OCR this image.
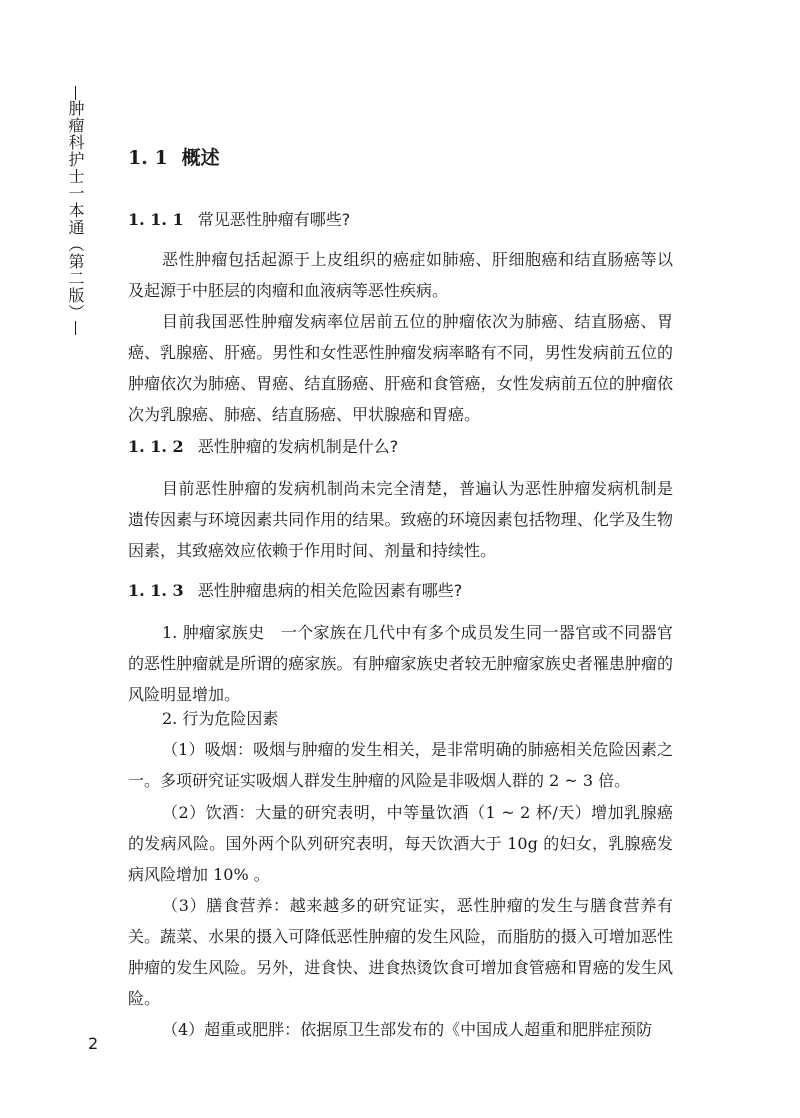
肿瘤科护士一本通（第二版） 1. 1 概述
1. 1. 1 常见恶性肿瘤有哪些?

恶性肿瘤包括起源于上皮组织的癌症如肺癌、肝细胞癌和结直肠癌等以及起源于中胚层的肉瘤和血液病等恶性疾病。

目前我国恶性肿瘤发病率位居前五位的肿瘤依次为肺癌、结直肠癌、胃癌、乳腺癌、肝癌。男性和女性恶性肿瘤发病率略有不同，男性发病前五位的肿瘤依次为肺癌、胃癌、结直肠癌、肝癌和食管癌，女性发病前五位的肿瘤依次为乳腺癌、肺癌、结直肠癌、甲状腺癌和胃癌。

1. 1. 2 恶性肿瘤的发病机制是什么?

目前恶性肿瘤的发病机制尚未完全清楚，普遍认为恶性肿瘤发病机制是遗传因素与环境因素共同作用的结果。致癌的环境因素包括物理、化学及生物因素，其致癌效应依赖于作用时间、剂量和持续性。

1. 1. 3 恶性肿瘤患病的相关危险因素有哪些?

1. 肿瘤家族史　一个家族在几代中有多个成员发生同一器官或不同器官的恶性肿瘤就是所谓的癌家族。有肿瘤家族史者较无肿瘤家族史者罹患肿瘤的风险明显增加。

2. 行为危险因素

（1）吸烟：吸烟与肿瘤的发生相关，是非常明确的肺癌相关危险因素之一。多项研究证实吸烟人群发生肿瘤的风险是非吸烟人群的 2 ~ 3 倍。

（2）饮酒：大量的研究表明，中等量饮酒（1 ~ 2 杯/天）增加乳腺癌的发病风险。国外两个队列研究表明，每天饮酒大于 10g 的妇女，乳腺癌发病风险增加 10% 。

（3）膳食营养：越来越多的研究证实，恶性肿瘤的发生与膳食营养有关。蔬菜、水果的摄入可降低恶性肿瘤的发生风险，而脂肪的摄入可增加恶性肿瘤的发生风险。另外，进食快、进食热烫饮食可增加食管癌和胃癌的发生风险。

（4）超重或肥胖：依据原卫生部发布的《中国成人超重和肥胖症预防

2
